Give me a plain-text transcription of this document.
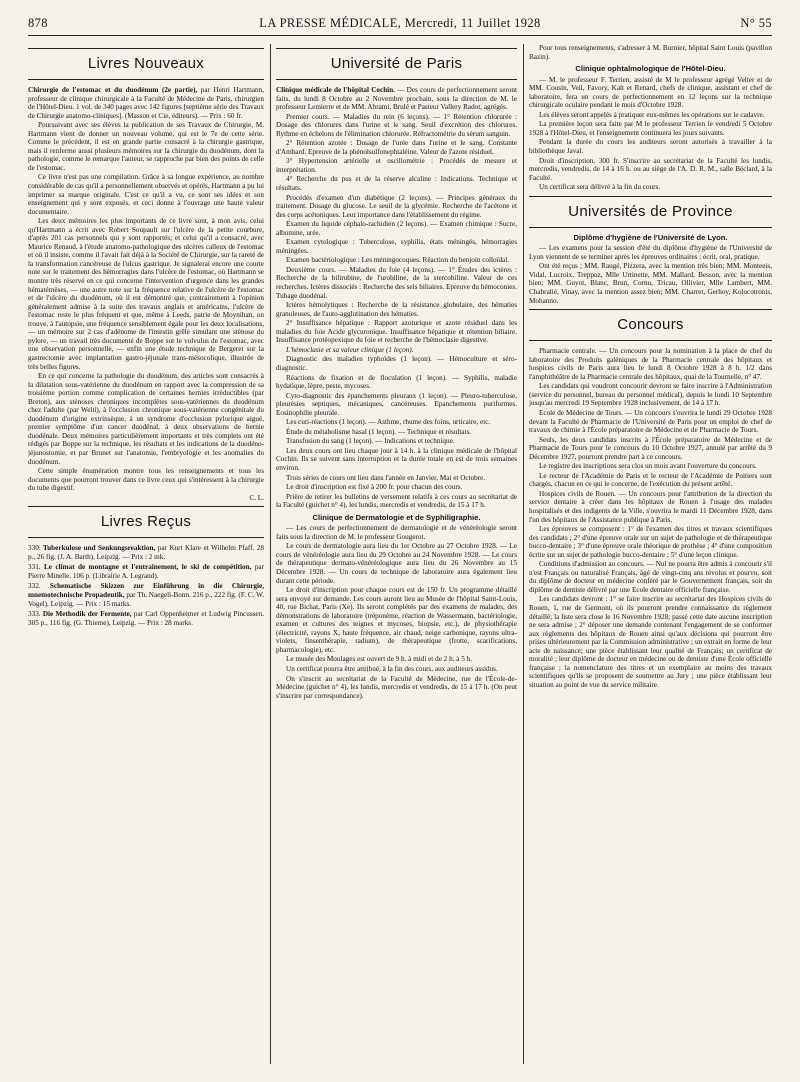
878	LA PRESSE MÉDICALE, Mercredi, 11 Juillet 1928	N° 55
Livres Nouveaux

Chirurgie de l'estomac et du duodénum (2e partie), par Henri Hartmann, professeur de clinique chirurgicale à la Faculté de Médecine de Paris, chirurgien de l'Hôtel-Dieu. 1 vol. de 340 pages avec 142 figures [septième série des Travaux de Chirurgie anatomo-cliniques]. (Masson et Cie, éditeurs). — Prix : 60 fr.

Poursuivant avec ses élèves la publication de ses Travaux de Chirurgie, M. Hartmann vient de donner un nouveau volume, qui est le 7e de cette série. Comme le précédent, il est en grande partie consacré à la chirurgie gastrique, mais il renferme aussi plusieurs mémoires sur la chirurgie du duodénum, dont la pathologie, comme le remarque l'auteur, se rapproche par bien des points de celle de l'estomac.

Ce livre n'est pas une compilation. Grâce à sa longue expérience, au nombre considérable de cas qu'il a personnellement observés et opérés, Hartmann a pu lui imprimer sa marque originale. C'est ce qu'il a vu, ce sont ses idées et son enseignement qui y sont exposés, et ceci donne à l'ouvrage une haute valeur documentaire.

Les deux mémoires les plus importants de ce livre sont, à mon avis, celui qu'Hartmann a écrit avec Robert Soupault sur l'ulcère de la petite courbure, d'après 201 cas personnels qui y sont rapportés; et celui qu'il a consacré, avec Maurice Renaud, à l'étude anatomo-pathologique des ulcères calleux de l'estomac et où il insiste, comme il l'avait fait déjà à la Société de Chirurgie, sur la rareté de la transformation cancéreuse de l'ulcus gastrique. Je signalerai encore une courte note sur le traitement des hémorragies dans l'ulcère de l'estomac, où Hartmann se montre très réservé en ce qui concerne l'intervention d'urgence dans les grandes hématémèses, — une autre note sur la fréquence relative de l'ulcère de l'estomac et de l'ulcère du duodénum, où il est démontré que, contrairement à l'opinion généralement admise à la suite des travaux anglais et américains, l'ulcère de l'estomac reste le plus fréquent et que, même à Leeds, patrie de Moynihan, on trouve, à l'autopsie, une fréquence sensiblement égale pour les deux localisations, — un mémoire sur 2 cas d'adénome de l'intestin grêle simulant une sténose du pylore, — un travail très documenté de Boppe sur le volvulus de l'estomac, avec une observation personnelle, — enfin une étude technique de Bergeret sur la gastrectomie avec implantation gastro-jéjunale trans-mésocolique, illustrée de très belles figures.

En ce qui concerne la pathologie du duodénum, des articles sont consacrés à la dilatation sous-vatérienne du duodénum en rapport avec la compression de sa troisième portion comme complication de certaines hernies irréductibles (par Breton), aux sténoses chroniques incomplètes sous-vatériennes du duodénum chez l'adulte (par Welti), à l'occlusion chronique sous-vatérienne congénitale du duodénum d'origine extrinsèque, à un syndrome d'occlusion pylorique aigué, premier symptôme d'un cancer duodénal, à deux observations de hernie duodénale. Deux mémoires particulièrement importants et très complets ont été rédigés par Boppe sur la technique, les résultats et les indications de la duodéno-jéjunostomie, et par Brunet sur l'anatomie, l'embryologie et les anomalies du duodénum.

Cette simple énumération montre tous les renseignements et tous les documents que pourront trouver dans ce livre ceux qui s'intéressent à la chirurgie du tube digestif.

C. L.

Livres Reçus

330. Tuberkulose und Senkungsreaktion, par Kurt Klare et Wilhelm Pfaff. 28 p., 26 fig. (J. A. Barth), Leipzig. — Prix : 2 mk.

331. Le climat de montagne et l'entraînement, le ski de compétition, par Pierre Minelle. 106 p. (Librairie A. Legrand).

332. Schematische Skizzen zur Einführung in die Chirurgie, mnemotechnische Propadeutik, par Th. Naegeli-Bonn. 216 p., 222 fig. (F. C. W. Vogel), Leipzig. — Prix : 15 marks.

333. Die Methodik der Fermente, par Carl Oppenheimer et Ludwig Pincussen. 305 p., 116 fig. (G. Thieme), Leipzig. — Prix : 28 marks.

Université de Paris

Clinique médicale de l'hôpital Cochin. — Des cours de perfectionnement seront faits, du lundi 8 Octobre au 2 Novembre prochain, sous la direction de M. le professeur Lemierre et de MM. Abrami, Brulé et Pasteur Vallery Radot, agrégés.

Premier cours. — Maladies du rein (6 leçons). — 1° Rétention chlorurée : Dosage des chlorures dans l'urine et le sang. Seuil d'excrétion des chlorures. Rythme en échelons de l'élimination chlorurée. Réfractométrie du sérum sanguin.

2° Rétention azotée : Dosage de l'urée dans l'urine et le sang. Constante d'Ambard. Epreuve de la phénolsulfonephtaléine. Valeur de l'azote résiduel.

3° Hypertension artérielle et oscillométrie : Procédés de mesure et interprétation.

4° Recherche du pus et de la réserve alcaline : Indications. Technique et résultats.

Procédés d'examen d'un diabétique (2 leçons). — Principes généraux du traitement. Dosage du glucose. Le seuil de la glycémie. Recherche de l'acétone et des corps acétoniques. Leur importance dans l'établissement du régime.

Examen du liquide céphalo-rachidien (2 leçons). — Examen chimique : Sucre, albumine, urée.

Examen cytologique : Tuberculose, syphilis, états méningés, hémorragies méningées.

Examen bactériologique : Les méningocoques. Réaction du benjoin colloïdal.

Deuxième cours. — Maladies du foie (4 leçons). — 1° Études des ictères : Recherche de la bilirubine, de l'urobiline, de la stercobiline. Valeur de ces recherches. Ictères dissociés : Recherche des sels biliaires. Epreuve du hémoconies. Tubage duodénal.

Ictères hémolytiques : Recherche de la résistance globulaire, des hématies granuleuses, de l'auto-agglutination des hématies.

2° Insuffisance hépatique : Rapport azoturique et azote résiduel dans les maladies du foie Acide glycuronique. Insuffisance hépatique et rétention biliaire. Insuffisance protéopexique du foie et recherche de l'hémoclasie digestive.

L'hémoclasie et sa valeur clinique (1 leçon).

Diagnostic des maladies typhoïdes (1 leçon). — Hémoculture et séro-diagnostic.

Réactions de fixation et de floculation (1 leçon). — Syphilis, maladie hydatique, lèpre, peste, mycoses.

Cyto-diagnostic des épanchements pleuraux (1 leçon). — Pleuro-tuberculose, pleurésies septiques, mécaniques, cancéreuses. Epanchements puriformes. Eosinophilie pleurale.

Les cuti-réactions (1 leçon). — Asthme, rhume des foins, urticaire, etc.

Étude du métabolisme basal (1 leçon). — Technique et résultats.

Transfusion du sang (1 leçon). — Indications et technique.

Les deux cours ont lieu chaque jour à 14 h. à la clinique médicale de l'hôpital Cochin. Ils se suivent sans interruption et la durée totale en est de trois semaines environ.

Trois séries de cours ont lieu dans l'année en Janvier, Mai et Octobre.

Le droit d'inscription est fixé à 200 fr. pour chacun des cours.

Prière de retirer les bulletins de versement relatifs à ces cours au secrétariat de la Faculté (guichet n° 4), les lundis, mercredis et vendredis, de 15 à 17 h.

Clinique de Dermatologie et de Syphiligraphie.

— Les cours de perfectionnement de dermatologie et de vénéréologie seront faits sous la direction de M. le professeur Gougerot.

Le cours de dermatologie aura lieu du 1er Octobre au 27 Octobre 1928. — Le cours de vénéréologie aura lieu du 29 Octobre au 24 Novembre 1928. — Le cours de thérapeutique dermato-vénéréologique aura lieu du 26 Novembre au 15 Décembre 1928. — Un cours de technique de laboratoire aura également lieu durant cette période.

Le droit d'inscription pour chaque cours est de 150 fr. Un programme détaillé sera envoyé sur demande. Les cours auront lieu au Musée de l'hôpital Saint-Louis, 40, rue Bichat, Paris (Xe). Ils seront complétés par des examens de malades, des démonstrations de laboratoire (tréponème, réaction de Wassermann, bactériologie, examen et cultures des teignes et mycoses, biopsie, etc.), de physiothérapie (électricité, rayons X, haute fréquence, air chaud, neige carbonique, rayons ultra-violets, finsenthérapie, radium), de thérapeutique (frotte, scarifications, pharmacologie), etc.

Le musée des Moulages est ouvert de 9 h. à midi et de 2 h. à 5 h.

Un certificat pourra être attribué, à la fin des cours, aux auditeurs assidus.

On s'inscrit au secrétariat de la Faculté de Médecine, rue de l'École-de-Médecine (guichet n° 4), les lundis, mercredis et vendredis, de 15 à 17 h. (On peut s'inscrire par correspondance).

Pour tous renseignements, s'adresser à M. Burnier, hôpital Saint Louis (pavillon Bazin).

Clinique ophtalmologique de l'Hôtel-Dieu.

— M. le professeur F. Terrien, assisté de M le professeur agrégé Velter et de MM. Cousin, Veil, Favory, Kalt et Renard, chefs de clinique, assistant et chef de laboratoire, fera un cours de perfectionnement en 12 leçons sur la technique chirurgicale oculaire pendant le mois d'Octobre 1928.

Les élèves seront appelés à pratiquer eux-mêmes les opérations sur le cadavre.

La première leçon sera faite par M le professeur Terrien le vendredi 5 Octobre 1928 à l'Hôtel-Dieu, et l'enseignement continuera les jours suivants.

Pendant la durée du cours les auditeurs seront autorisés à travailler à la bibliothèque Javal.

Droit d'inscription, 300 fr. S'inscrire au secrétariat de la Faculté les lundis, mercredis, vendredis, de 14 à 16 h. ou au siège de l'A. D. R. M., salle Béclard, à la Faculté.

Un certificat sera délivré à la fin du cours.

Universités de Province
Diplôme d'hygiène de l'Université de Lyon.

— Les examens pour la session d'été du diplôme d'hygiène de l'Université de Lyon viennent de se terminer après les épreuves ordinaires : écrit, oral, pratique.

Ont été reçus ; MM. Raugé, Pizzera, avec la mention très bien; MM. Monteeis, Vidal, Lucroix, Treppoz, Mlle Urtinette, MM. Mallard, Besson, avec la mention bien; MM. Guyot, Blanc, Brun, Cornu, Tricau, Ollivier, Mlle Lambert, MM. Chabralié, Vinay, avec la mention assez bien; MM. Charret, Gerhoy, Kolocotronis, Mohanno.

Concours

Pharmacie centrale. — Un concours pour la nomination à la place de chef du laboratoire des Produits galéniques de la Pharmacie centrale des hôpitaux et hospices civils de Paris aura lieu le lundi 8 Octobre 1928 à 8 h. 1/2 dans l'amphithéâtre de la Pharmacie centrale des hôpitaux, quai de la Tournelle, n° 47.

Les candidats qui voudront concourir devront se faire inscrire à l'Administration (service du personnel, bureau du personnel médical), depuis le lundi 10 Septembre jusqu'au mercredi 19 Septembre 1928 inclusivement, de 14 à 17 h.

Ecole de Médecine de Tours. — Un concours s'ouvrira le lundi 29 Octobre 1928 devant la Faculté de Pharmacie de l'Université de Paris pour un emploi de chef de travaux de chimie à l'École préparatoire de Médecine et de Pharmacie de Tours.

Seuls, les deux candidats inscrits à l'École préparatoire de Médecine et de Pharmacie de Tours pour le concours du 10 Octobre 1927, annulé par arrêté du 9 Décembre 1927, pourront prendre part à ce concours.

Le registre des inscriptions sera clos un mois avant l'ouverture du concours.

Le recteur de l'Académie de Paris et le recteur de l'Académie de Poitiers sont chargés, chacun en ce qui le concerne, de l'exécution du présent arrêté.

Hospices civils de Rouen. — Un concours pour l'attribution de la direction du service dentaire à créer dans les hôpitaux de Rouen à l'usage des malades hospitalisés et des indigents de la Ville, s'ouvrira le mardi 11 Décembre 1928, dans l'un des hôpitaux de l'Assistance publique à Paris.

Les épreuves se composent : 1° de l'examen des titres et travaux scientifiques des candidats ; 2° d'une épreuve orale sur un sujet de pathologie et de thérapeutique bucco-dentaire ; 3° d'une épreuve orale théorique de prothèse ; 4° d'une composition écrite sur un sujet de pathologie bucco-dentaire ; 5° d'une leçon clinique.

Conditions d'admission au concours. — Nul ne pourra être admis à concourir s'il n'est Français ou naturalisé Français, âgé de vingt-cinq ans révolus et pourvu, soit du diplôme de docteur en médecine conféré par le Gouvernement français, soit du diplôme de dentiste délivré par une Ecole dentaire officielle française.

Les candidats devront : 1° se faire inscrire au secrétariat des Hospices civils de Rouen, 1, rue de Germont, où ils pourront prendre connaissance du règlement détaillé; la liste sera close le 16 Novembre 1928; passé cette date aucune inscription ne sera admise ; 2° déposer une demande contenant l'engagement de se conformer aux règlements des hôpitaux de Rouen ainsi qu'aux décisions qui pourront être prises ultérieurement par la Commission administrative ; un extrait en forme de leur acte de naissance; une pièce établissant leur qualité de Français; un certificat de moralité ; leur diplôme de docteur en médecine ou de dentiste d'une École officielle française ; la nomenclature des titres et un exemplaire au moins des travaux scientifiques qu'ils se proposent de soumettre au Jury ; une pièce établissant leur situation au point de vue du service militaire.
